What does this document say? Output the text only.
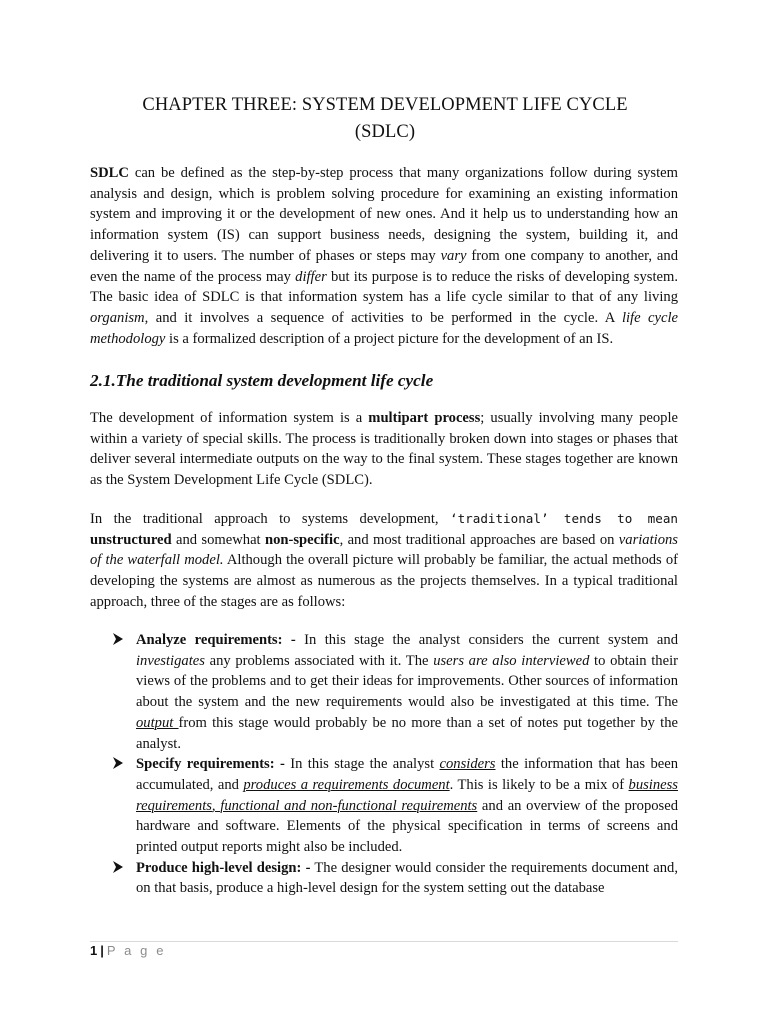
CHAPTER THREE: SYSTEM DEVELOPMENT LIFE CYCLE
(SDLC)

SDLC can be defined as the step-by-step process that many organizations follow during system analysis and design, which is problem solving procedure for examining an existing information system and improving it or the development of new ones. And it help us to understanding how an information system (IS) can support business needs, designing the system, building it, and delivering it to users. The number of phases or steps may vary from one company to another, and even the name of the process may differ but its purpose is to reduce the risks of developing system. The basic idea of SDLC is that information system has a life cycle similar to that of any living organism, and it involves a sequence of activities to be performed in the cycle. A life cycle methodology is a formalized description of a project picture for the development of an IS.

2.1.The traditional system development life cycle

The development of information system is a multipart process; usually involving many people within a variety of special skills. The process is traditionally broken down into stages or phases that deliver several intermediate outputs on the way to the final system. These stages together are known as the System Development Life Cycle (SDLC).

In the traditional approach to systems development, ‘traditional’ tends to mean unstructured and somewhat non-specific, and most traditional approaches are based on variations of the waterfall model. Although the overall picture will probably be familiar, the actual methods of developing the systems are almost as numerous as the projects themselves. In a typical traditional approach, three of the stages are as follows:

Analyze requirements: - In this stage the analyst considers the current system and investigates any problems associated with it. The users are also interviewed to obtain their views of the problems and to get their ideas for improvements. Other sources of information about the system and the new requirements would also be investigated at this time. The output from this stage would probably be no more than a set of notes put together by the analyst.
Specify requirements: - In this stage the analyst considers the information that has been accumulated, and produces a requirements document. This is likely to be a mix of business requirements, functional and non-functional requirements and an overview of the proposed hardware and software. Elements of the physical specification in terms of screens and printed output reports might also be included.
Produce high-level design: - The designer would consider the requirements document and, on that basis, produce a high-level design for the system setting out the database
1 | P a g e
